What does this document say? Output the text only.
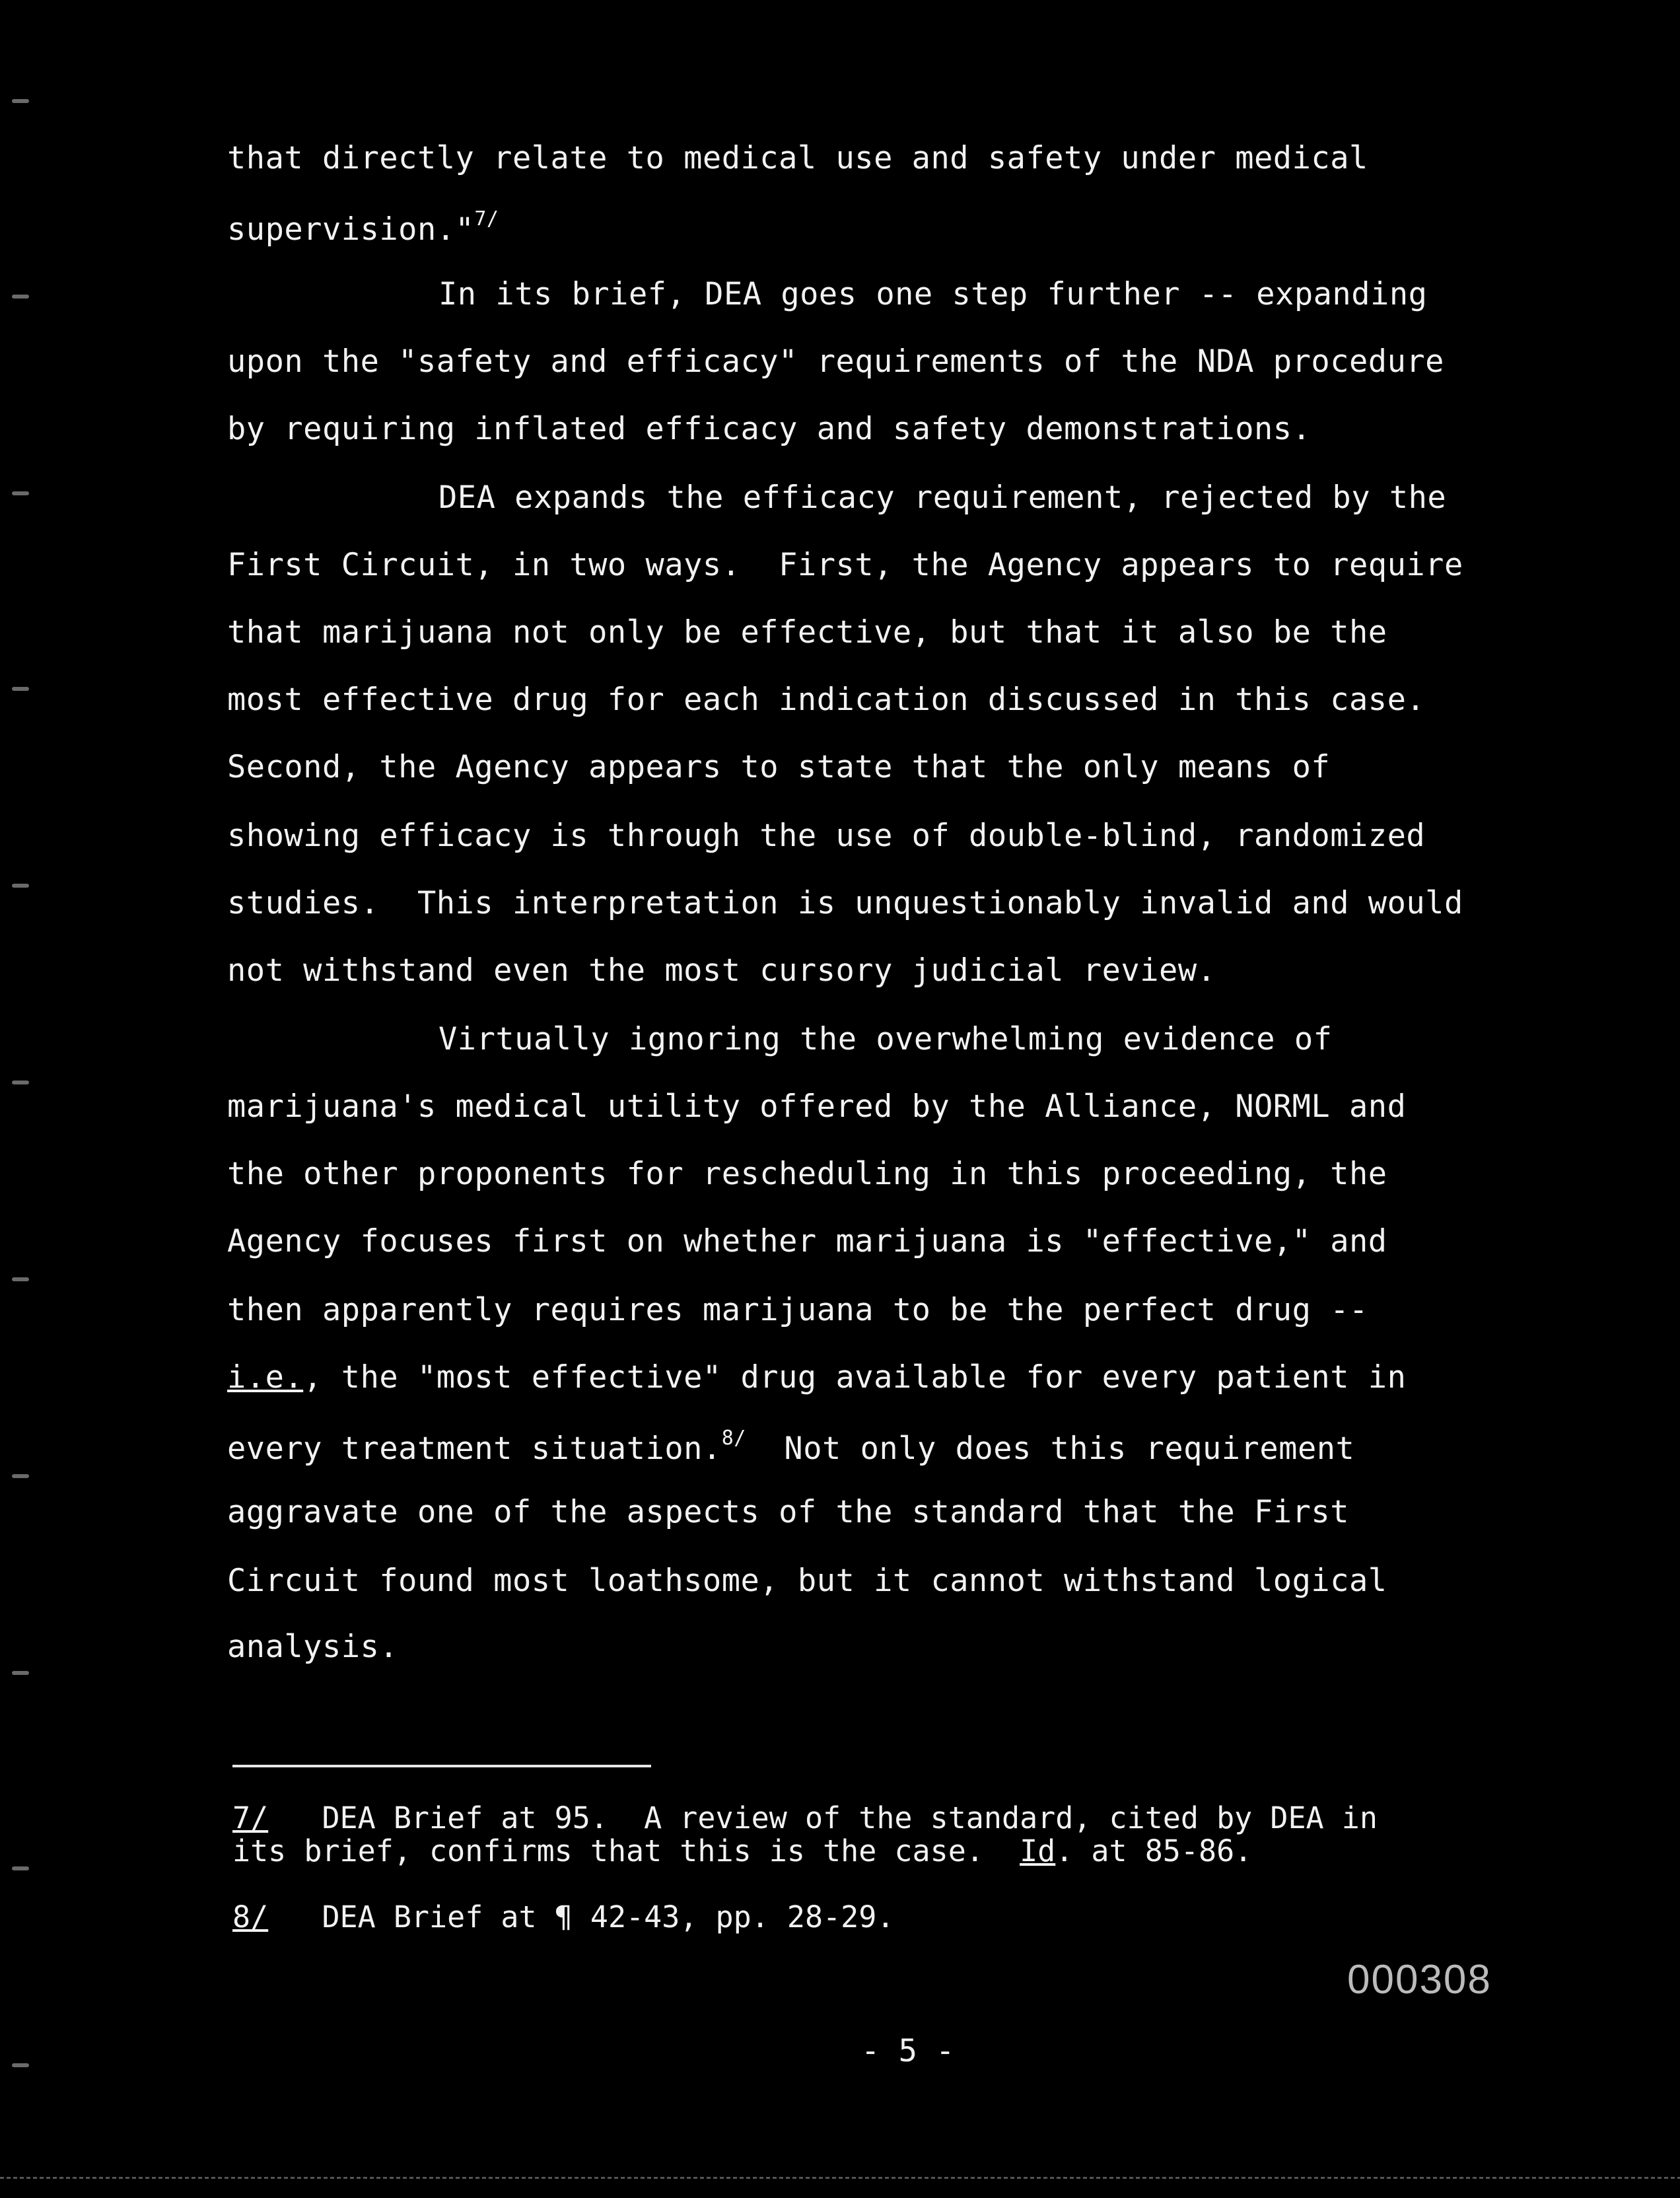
that directly relate to medical use and safety under medical
supervision."$^{7/}$
In its brief, DEA goes one step further -- expanding
upon the "safety and efficacy" requirements of the NDA procedure
by requiring inflated efficacy and safety demonstrations.
DEA expands the efficacy requirement, rejected by the
First Circuit, in two ways.  First, the Agency appears to require
that marijuana not only be effective, but that it also be the
most effective drug for each indication discussed in this case.
Second, the Agency appears to state that the only means of
showing efficacy is through the use of double-blind, randomized
studies.  This interpretation is unquestionably invalid and would
not withstand even the most cursory judicial review.
Virtually ignoring the overwhelming evidence of
marijuana's medical utility offered by the Alliance, NORML and
the other proponents for rescheduling in this proceeding, the
Agency focuses first on whether marijuana is "effective," and
then apparently requires marijuana to be the perfect drug --
i.e., the "most effective" drug available for every patient in
every treatment situation.$^{8/}$  Not only does this requirement
aggravate one of the aspects of the standard that the First
Circuit found most loathsome, but it cannot withstand logical
analysis.
7/   DEA Brief at 95.  A review of the standard, cited by DEA in
its brief, confirms that this is the case.  Id. at 85-86.
8/   DEA Brief at ¶ 42-43, pp. 28-29.
000308
- 5 -
